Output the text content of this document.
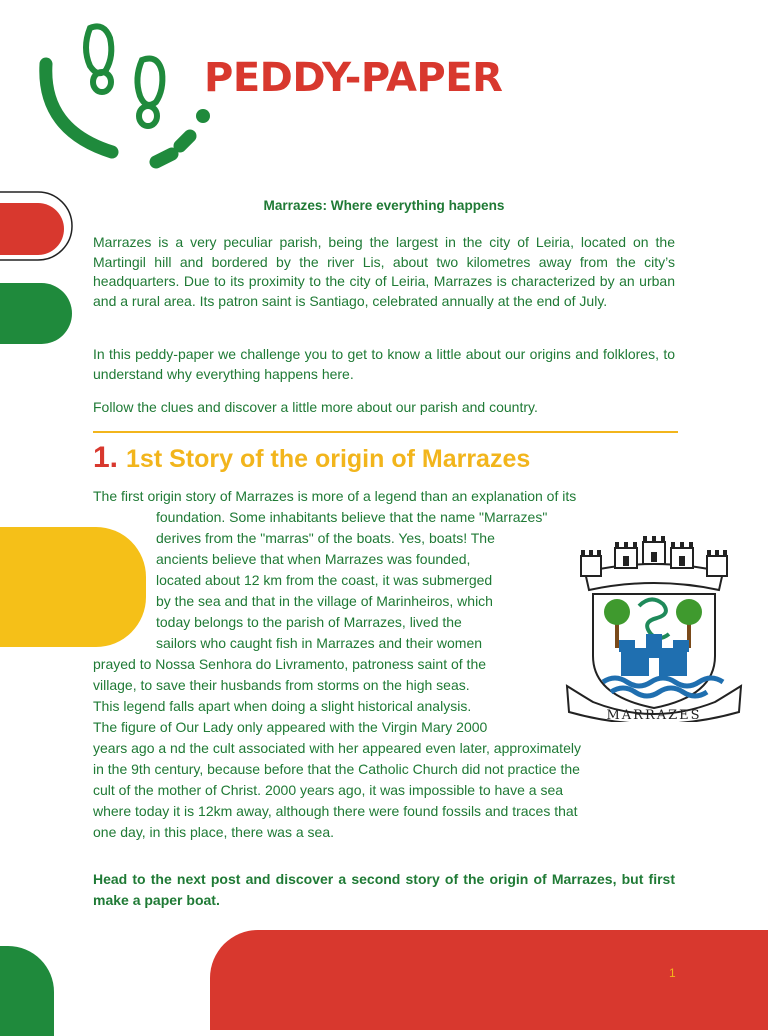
PEDDY-PAPER
Marrazes: Where everything happens

Marrazes is a very peculiar parish, being the largest in the city of Leiria, located on the Martingil hill and bordered by the river Lis, about two kilometres away from the city’s headquarters. Due to its proximity to the city of Leiria, Marrazes is characterized by an urban and a rural area. Its patron saint is Santiago, celebrated annually at the end of July.

In this peddy-paper we challenge you to get to know a little about our origins and folklores, to understand why everything happens here.

Follow the clues and discover a little more about our parish and country.

1. 1st Story of the origin of Marrazes
The first origin story of Marrazes is more of a legend than an explanation of its
foundation. Some inhabitants believe that the name "Marrazes"
derives from the "marras" of the boats. Yes, boats! The
ancients believe that when Marrazes was founded,
located about 12 km from the coast, it was submerged
by the sea and that in the village of Marinheiros, which
today belongs to the parish of Marrazes, lived the
sailors who caught fish in Marrazes and their women
prayed to Nossa Senhora do Livramento, patroness saint of the
village, to save their husbands from storms on the high seas.
This legend falls apart when doing a slight historical analysis.
The figure of Our Lady only appeared with the Virgin Mary 2000
years ago a nd the cult associated with her appeared even later, approximately
in the 9th century, because before that the Catholic Church did not practice the
cult of the mother of Christ. 2000 years ago, it was impossible to have a sea
where today it is 12km away, although there were found fossils and traces that
one day, in this place, there was a sea.
MARRAZES

Head to the next post and discover a second story of the origin of Marrazes, but first make a paper boat.

1
